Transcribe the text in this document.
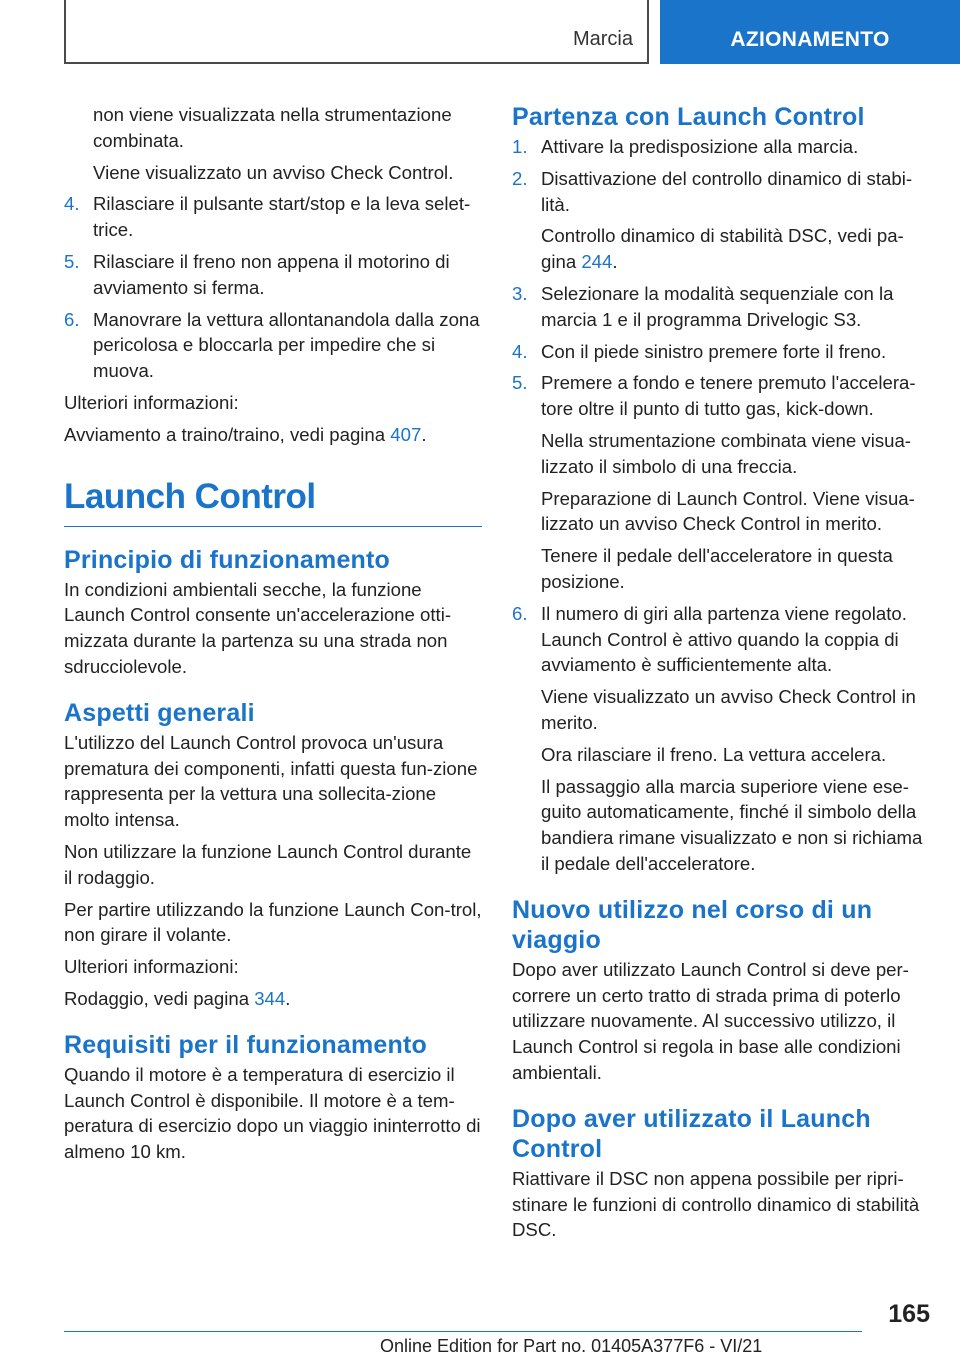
Marcia	AZIONAMENTO

non viene visualizzata nella strumentazione combinata.

Viene visualizzato un avviso Check Control.

4. Rilasciare il pulsante start/stop e la leva selet-trice.

5. Rilasciare il freno non appena il motorino di avviamento si ferma.

6. Manovrare la vettura allontanandola dalla zona pericolosa e bloccarla per impedire che si muova.

Ulteriori informazioni:

Avviamento a traino/traino, vedi pagina 407.

Launch Control
Principio di funzionamento

In condizioni ambientali secche, la funzione Launch Control consente un'accelerazione otti-mizzata durante la partenza su una strada non sdrucciolevole.

Aspetti generali

L'utilizzo del Launch Control provoca un'usura prematura dei componenti, infatti questa fun-zione rappresenta per la vettura una sollecita-zione molto intensa.

Non utilizzare la funzione Launch Control durante il rodaggio.

Per partire utilizzando la funzione Launch Con-trol, non girare il volante.

Ulteriori informazioni:

Rodaggio, vedi pagina 344.

Requisiti per il funzionamento

Quando il motore è a temperatura di esercizio il Launch Control è disponibile. Il motore è a tem-peratura di esercizio dopo un viaggio ininterrotto di almeno 10 km.

Partenza con Launch Control
1. Attivare la predisposizione alla marcia.

2. Disattivazione del controllo dinamico di stabi-lità.

Controllo dinamico di stabilità DSC, vedi pa-gina 244.

3. Selezionare la modalità sequenziale con la marcia 1 e il programma Drivelogic S3.

4. Con il piede sinistro premere forte il freno.

5. Premere a fondo e tenere premuto l'accelera-tore oltre il punto di tutto gas, kick-down.

Nella strumentazione combinata viene visua-lizzato il simbolo di una freccia.

Preparazione di Launch Control. Viene visua-lizzato un avviso Check Control in merito.

Tenere il pedale dell'acceleratore in questa posizione.

6. Il numero di giri alla partenza viene regolato. Launch Control è attivo quando la coppia di avviamento è sufficientemente alta.

Viene visualizzato un avviso Check Control in merito.

Ora rilasciare il freno. La vettura accelera.

Il passaggio alla marcia superiore viene ese-guito automaticamente, finché il simbolo della bandiera rimane visualizzato e non si richiama il pedale dell'acceleratore.

Nuovo utilizzo nel corso di un viaggio

Dopo aver utilizzato Launch Control si deve per-correre un certo tratto di strada prima di poterlo utilizzare nuovamente. Al successivo utilizzo, il Launch Control si regola in base alle condizioni ambientali.

Dopo aver utilizzato il Launch Control

Riattivare il DSC non appena possibile per ripri-stinare le funzioni di controllo dinamico di stabilità DSC.

165
Online Edition for Part no. 01405A377F6 - VI/21
